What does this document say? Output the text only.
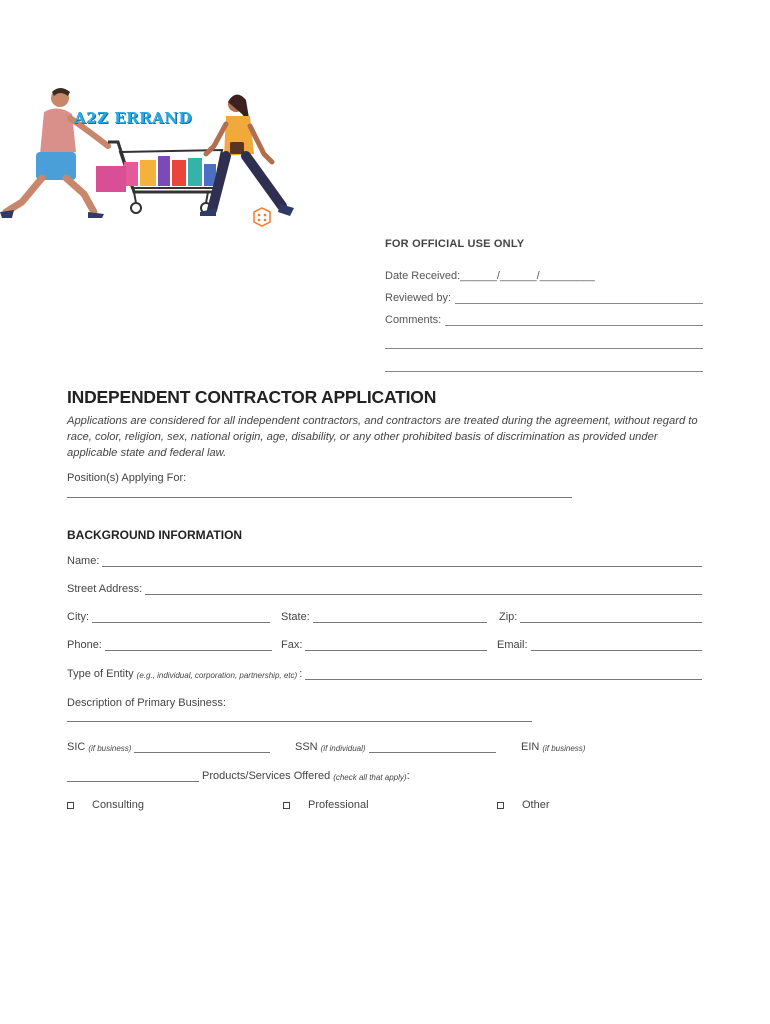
A2Z ERRAND
FOR OFFICIAL USE ONLY
Date Received:______/______/_________
Reviewed by:
Comments:
INDEPENDENT CONTRACTOR APPLICATION
Applications are considered for all independent contractors, and contractors are treated during the agreement, without regard to race, color, religion, sex, national origin, age, disability, or any other prohibited basis of discrimination as provided under applicable state and federal law.
Position(s) Applying For:
BACKGROUND INFORMATION
Name:
Street Address:
City:	State:	Zip:
Phone:	Fax:	Email:
Type of Entity (e.g., individual, corporation, partnership, etc) :
Description of Primary Business:
SIC (if business)	SSN (if individual)	EIN (if business)
Products/Services Offered (check all that apply) :
Consulting	Professional	Other
